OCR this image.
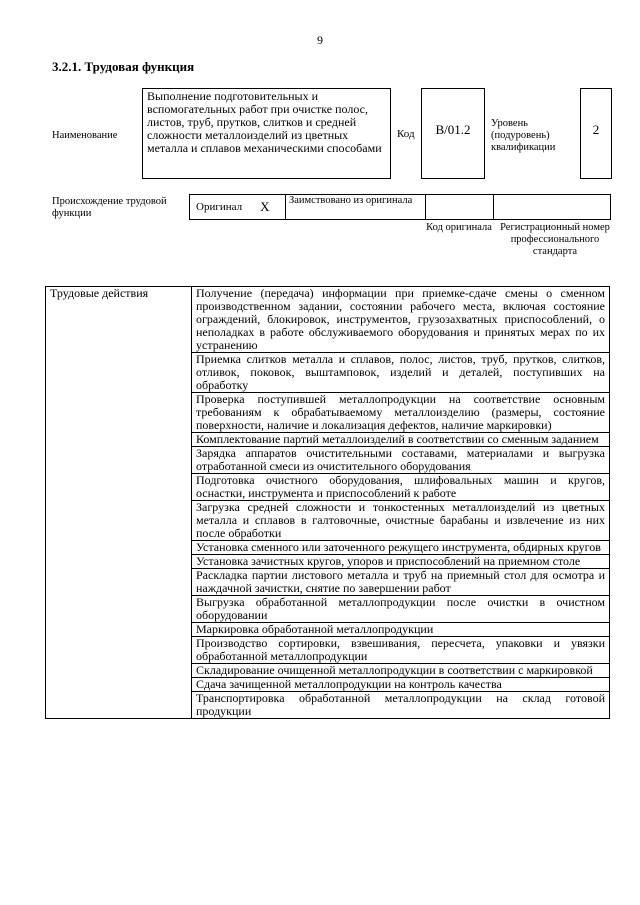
9
3.2.1. Трудовая функция
Наименование
Выполнение подготовительных и вспомогательных работ при очистке полос, листов, труб, прутков, слитков и средней сложности металлоизделий из цветных металла и сплавов механическими способами
Код	B/01.2	Уровень (подуровень) квалификации
2
Происхождение трудовой функции
Оригинал X Заимствовано из оригинала
Код оригинала Регистрационный номер профессионального стандарта
Трудовые действия	Получение (передача) информации при приемке-сдаче смены о сменном производственном задании, состоянии рабочего места, включая состояние ограждений, блокировок, инструментов, грузозахватных приспособлений, о неполадках в работе обслуживаемого оборудования и принятых мерах по их устранению
Приемка слитков металла и сплавов, полос, листов, труб, прутков, слитков, отливок, поковок, выштамповок, изделий и деталей, поступивших на обработку
Проверка поступившей металлопродукции на соответствие основным требованиям к обрабатываемому металлоизделию (размеры, состояние поверхности, наличие и локализация дефектов, наличие маркировки)
Комплектование партий металлоизделий в соответствии со сменным заданием
Зарядка аппаратов очистительными составами, материалами и выгрузка отработанной смеси из очистительного оборудования
Подготовка очистного оборудования, шлифовальных машин и кругов, оснастки, инструмента и приспособлений к работе
Загрузка средней сложности и тонкостенных металлоизделий из цветных металла и сплавов в галтовочные, очистные барабаны и извлечение из них после обработки
Установка сменного или заточенного режущего инструмента, обдирных кругов
Установка зачистных кругов, упоров и приспособлений на приемном столе
Раскладка партии листового металла и труб на приемный стол для осмотра и наждачной зачистки, снятие по завершении работ
Выгрузка обработанной металлопродукции после очистки в очистном оборудовании
Маркировка обработанной металлопродукции
Производство сортировки, взвешивания, пересчета, упаковки и увязки обработанной металлопродукции
Складирование очищенной металлопродукции в соответствии с маркировкой
Сдача зачищенной металлопродукции на контроль качества
Транспортировка обработанной металлопродукции на склад готовой продукции
